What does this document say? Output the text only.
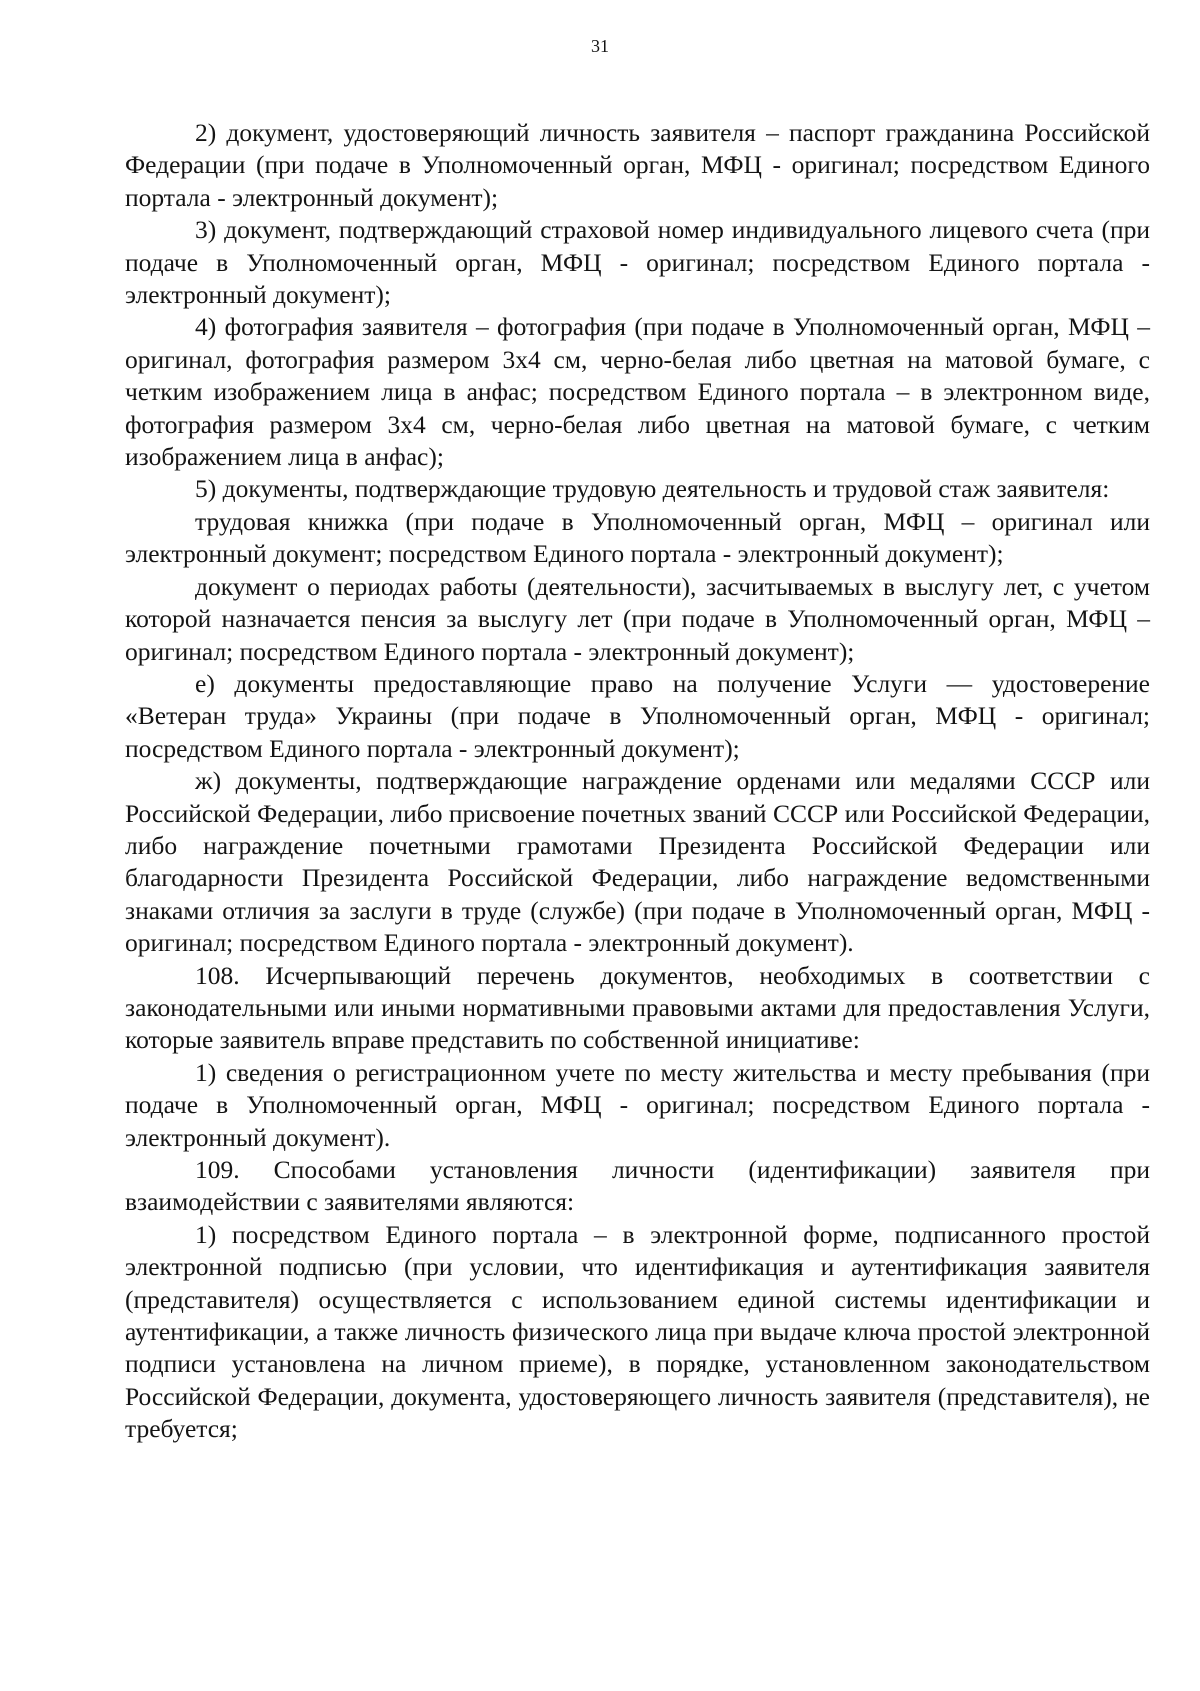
31

2) документ, удостоверяющий личность заявителя – паспорт гражданина Российской Федерации (при подаче в Уполномоченный орган, МФЦ - оригинал; посредством Единого портала - электронный документ);

3) документ, подтверждающий страховой номер индивидуального лицевого счета (при подаче в Уполномоченный орган, МФЦ - оригинал; посредством Единого портала - электронный документ);

4) фотография заявителя – фотография (при подаче в Уполномоченный орган, МФЦ – оригинал, фотография размером 3х4 см, черно-белая либо цветная на матовой бумаге, с четким изображением лица в анфас; посредством Единого портала – в электронном виде, фотография размером 3х4 см, черно-белая либо цветная на матовой бумаге, с четким изображением лица в анфас);

5) документы, подтверждающие трудовую деятельность и трудовой стаж заявителя:

трудовая книжка (при подаче в Уполномоченный орган, МФЦ – оригинал или электронный документ; посредством Единого портала - электронный документ);

документ о периодах работы (деятельности), засчитываемых в выслугу лет, с учетом которой назначается пенсия за выслугу лет (при подаче в Уполномоченный орган, МФЦ – оригинал; посредством Единого портала - электронный документ);

е) документы предоставляющие право на получение Услуги — удостоверение «Ветеран труда» Украины (при подаче в Уполномоченный орган, МФЦ - оригинал; посредством Единого портала - электронный документ);

ж) документы, подтверждающие награждение орденами или медалями СССР или Российской Федерации, либо присвоение почетных званий СССР или Российской Федерации, либо награждение почетными грамотами Президента Российской Федерации или благодарности Президента Российской Федерации, либо награждение ведомственными знаками отличия за заслуги в труде (службе) (при подаче в Уполномоченный орган, МФЦ - оригинал; посредством Единого портала - электронный документ).

108. Исчерпывающий перечень документов, необходимых в соответствии с законодательными или иными нормативными правовыми актами для предоставления Услуги, которые заявитель вправе представить по собственной инициативе:

1) сведения о регистрационном учете по месту жительства и месту пребывания (при подаче в Уполномоченный орган, МФЦ - оригинал; посредством Единого портала - электронный документ).

109. Способами установления личности (идентификации) заявителя при взаимодействии с заявителями являются:

1) посредством Единого портала – в электронной форме, подписанного простой электронной подписью (при условии, что идентификация и аутентификация заявителя (представителя) осуществляется с использованием единой системы идентификации и аутентификации, а также личность физического лица при выдаче ключа простой электронной подписи установлена на личном приеме), в порядке, установленном законодательством Российской Федерации, документа, удостоверяющего личность заявителя (представителя), не требуется;
